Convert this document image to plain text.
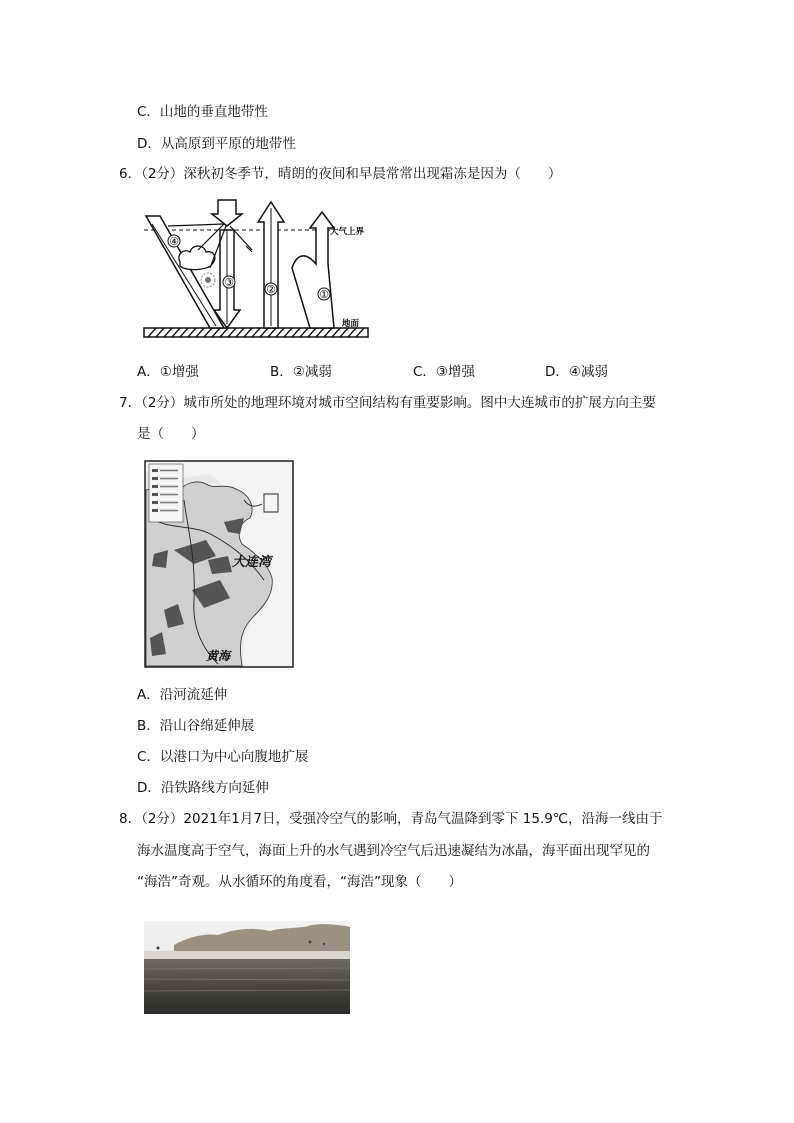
C．山地的垂直地带性
D．从高原到平原的地带性
6．（2分）深秋初冬季节，晴朗的夜间和早晨常常出现霜冻是因为（　　）
①
②
③
④
大气上界
地面
A．①增强	B．②减弱	C．③增强	D．④减弱
7．（2分）城市所处的地理环境对城市空间结构有重要影响。图中大连城市的扩展方向主要
是（　　）
大连湾
黄海
A．沿河流延伸
B．沿山谷绵延伸展
C．以港口为中心向腹地扩展
D．沿铁路线方向延伸
8．（2分）2021年1月7日，受强冷空气的影响，青岛气温降到零下 15.9℃，沿海一线由于
海水温度高于空气，海面上升的水气遇到冷空气后迅速凝结为冰晶，海平面出现罕见的
“海浩”奇观。从水循环的角度看，“海浩”现象（　　）
